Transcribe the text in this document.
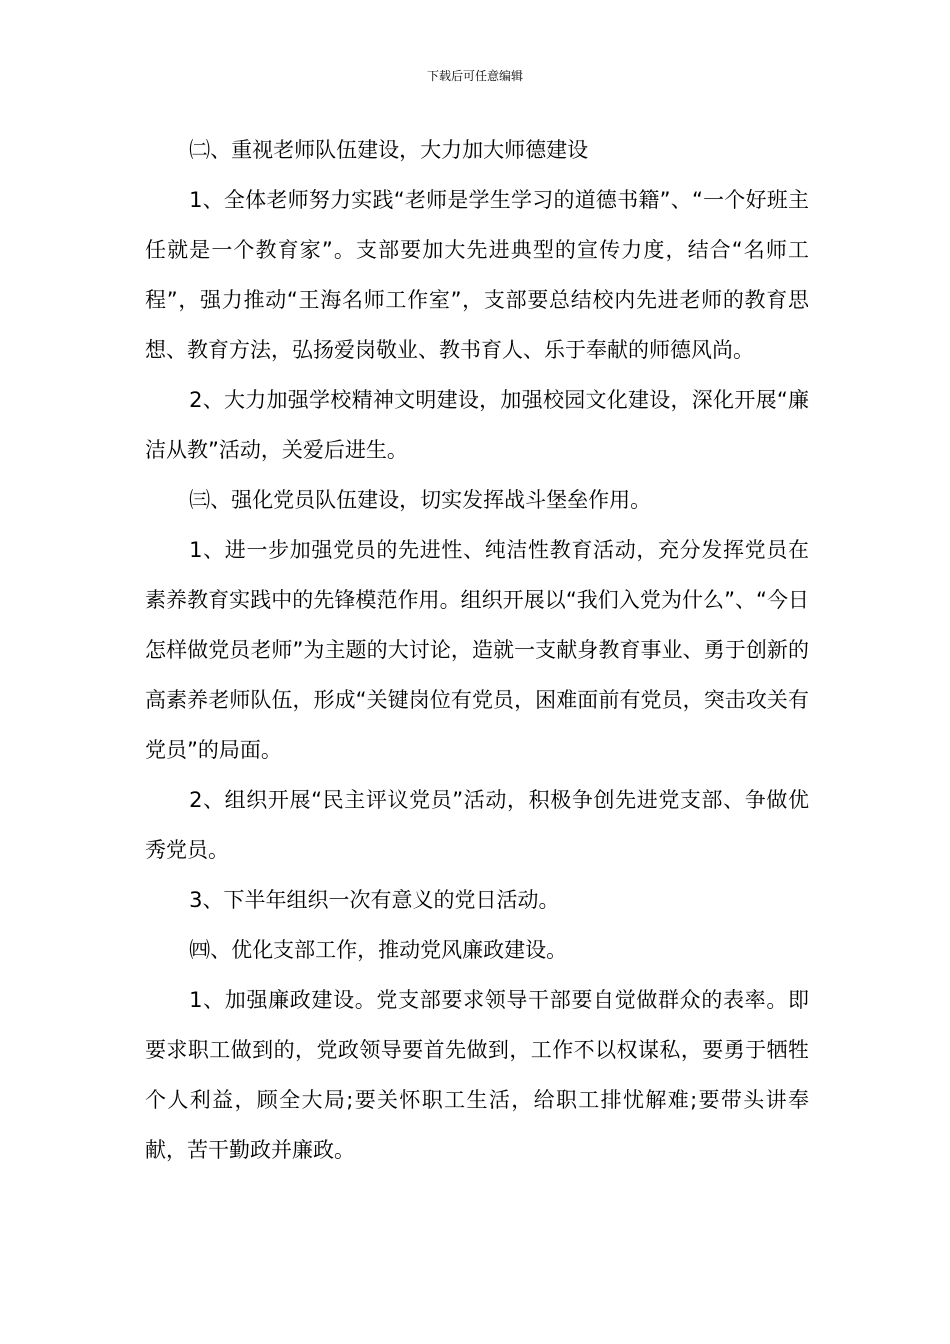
下载后可任意编辑

㈡、重视老师队伍建设，大力加大师德建设

1、全体老师努力实践“老师是学生学习的道德书籍”、“一个好班主任就是一个教育家”。支部要加大先进典型的宣传力度，结合“名师工程”，强力推动“王海名师工作室”，支部要总结校内先进老师的教育思想、教育方法，弘扬爱岗敬业、教书育人、乐于奉献的师德风尚。

2、大力加强学校精神文明建设，加强校园文化建设，深化开展“廉洁从教”活动，关爱后进生。

㈢、强化党员队伍建设，切实发挥战斗堡垒作用。

1、进一步加强党员的先进性、纯洁性教育活动，充分发挥党员在素养教育实践中的先锋模范作用。组织开展以“我们入党为什么”、“今日怎样做党员老师”为主题的大讨论，造就一支献身教育事业、勇于创新的高素养老师队伍，形成“关键岗位有党员，困难面前有党员，突击攻关有党员”的局面。

2、组织开展“民主评议党员”活动，积极争创先进党支部、争做优秀党员。

3、下半年组织一次有意义的党日活动。

㈣、优化支部工作，推动党风廉政建设。

1、加强廉政建设。党支部要求领导干部要自觉做群众的表率。即要求职工做到的，党政领导要首先做到，工作不以权谋私，要勇于牺牲个人利益，顾全大局;要关怀职工生活，给职工排忧解难;要带头讲奉献，苦干勤政并廉政。
